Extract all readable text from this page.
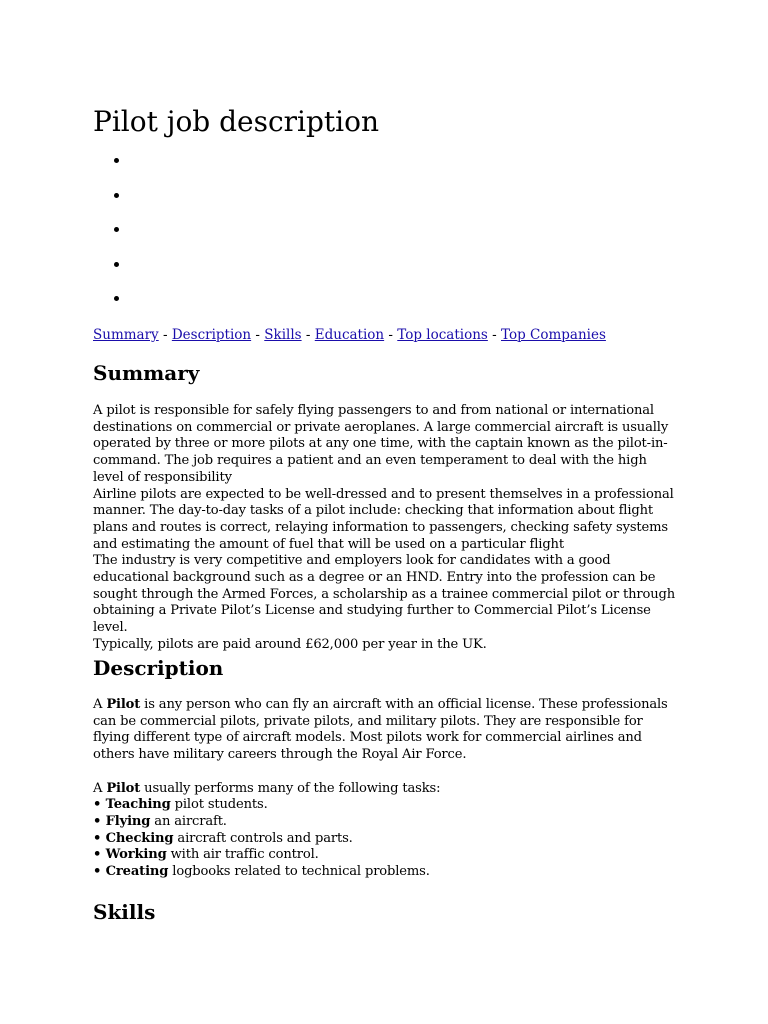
Pilot job description
Summary - Description - Skills - Education - Top locations - Top Companies
Summary

A pilot is responsible for safely flying passengers to and from national or international destinations on commercial or private aeroplanes. A large commercial aircraft is usually operated by three or more pilots at any one time, with the captain known as the pilot-in-command. The job requires a patient and an even temperament to deal with the high level of responsibility

Airline pilots are expected to be well-dressed and to present themselves in a professional manner. The day-to-day tasks of a pilot include: checking that information about flight plans and routes is correct, relaying information to passengers, checking safety systems and estimating the amount of fuel that will be used on a particular flight

The industry is very competitive and employers look for candidates with a good educational background such as a degree or an HND. Entry into the profession can be sought through the Armed Forces, a scholarship as a trainee commercial pilot or through obtaining a Private Pilot’s License and studying further to Commercial Pilot’s License level.

Typically, pilots are paid around £62,000 per year in the UK.

Description

A Pilot is any person who can fly an aircraft with an official license. These professionals can be commercial pilots, private pilots, and military pilots. They are responsible for flying different type of aircraft models. Most pilots work for commercial airlines and others have military careers through the Royal Air Force.

A Pilot usually performs many of the following tasks:

• Teaching pilot students.
• Flying an aircraft.
• Checking aircraft controls and parts.
• Working with air traffic control.
• Creating logbooks related to technical problems.
Skills
